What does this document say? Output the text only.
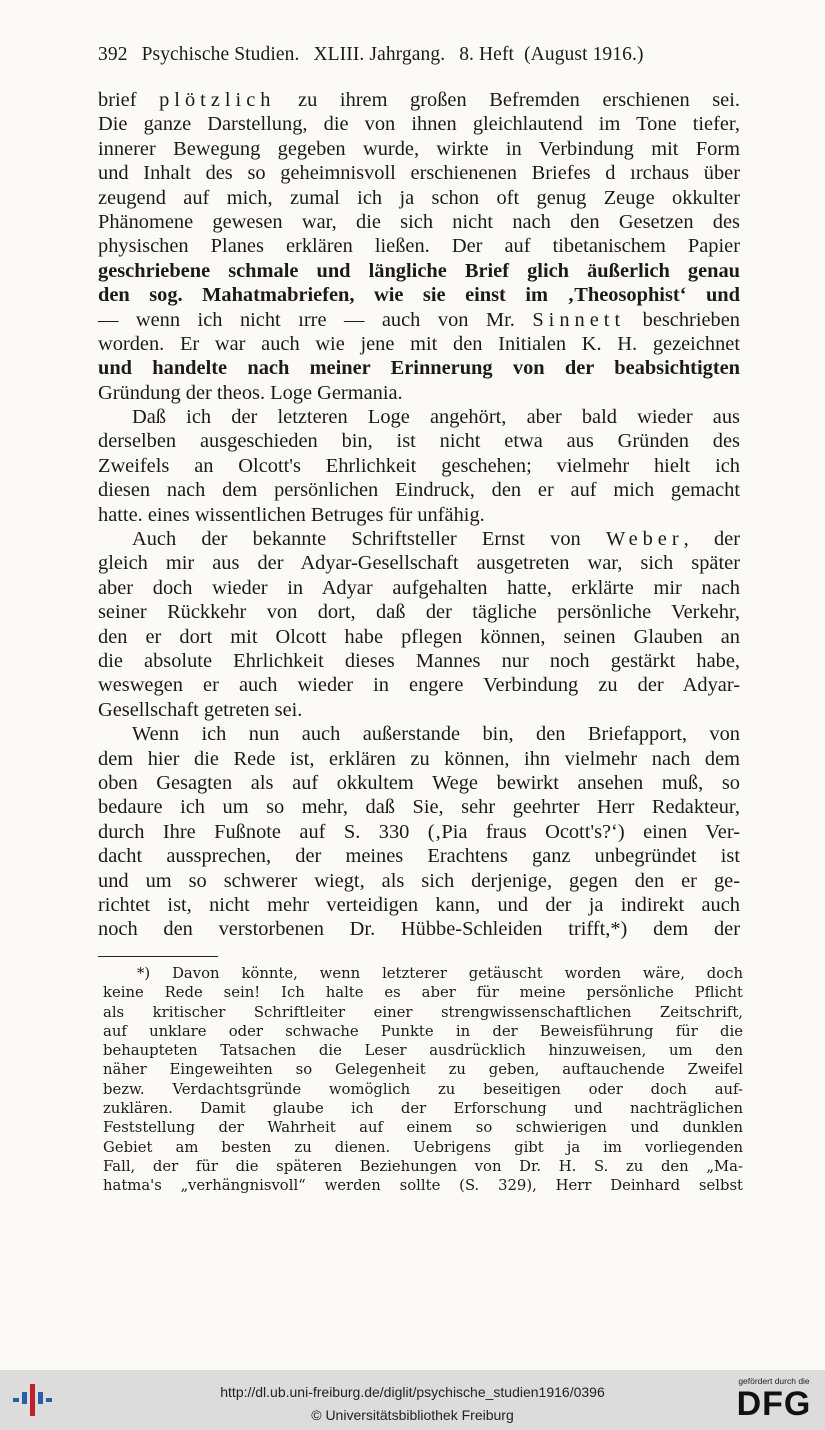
392 Psychische Studien. XLIII. Jahrgang. 8. Heft (August 1916.)
brief plötzlich zu ihrem großen Befremden erschienen sei.
Die ganze Darstellung, die von ihnen gleichlautend im Tone tiefer,
innerer Bewegung gegeben wurde, wirkte in Verbindung mit Form
und Inhalt des so geheimnisvoll erschienenen Briefes d ırchaus über
zeugend auf mich, zumal ich ja schon oft genug Zeuge okkulter
Phänomene gewesen war, die sich nicht nach den Gesetzen des
physischen Planes erklären ließen. Der auf tibetanischem Papier
geschriebene schmale und längliche Brief glich äußerlich genau
den sog. Mahatmabriefen, wie sie einst im ‚Theosophist‘ und
— wenn ich nicht ırre — auch von Mr. Sinnett beschrieben
worden. Er war auch wie jene mit den Initialen K. H. gezeichnet
und handelte nach meiner Erinnerung von der beabsichtigten
Gründung der theos. Loge Germania.
Daß ich der letzteren Loge angehört, aber bald wieder aus
derselben ausgeschieden bin, ist nicht etwa aus Gründen des
Zweifels an Olcott's Ehrlichkeit geschehen; vielmehr hielt ich
diesen nach dem persönlichen Eindruck, den er auf mich gemacht
hatte. eines wissentlichen Betruges für unfähig.
Auch der bekannte Schriftsteller Ernst von Weber, der
gleich mir aus der Adyar-Gesellschaft ausgetreten war, sich später
aber doch wieder in Adyar aufgehalten hatte, erklärte mir nach
seiner Rückkehr von dort, daß der tägliche persönliche Verkehr,
den er dort mit Olcott habe pflegen können, seinen Glauben an
die absolute Ehrlichkeit dieses Mannes nur noch gestärkt habe,
weswegen er auch wieder in engere Verbindung zu der Adyar-
Gesellschaft getreten sei.
Wenn ich nun auch außerstande bin, den Briefapport, von
dem hier die Rede ist, erklären zu können, ihn vielmehr nach dem
oben Gesagten als auf okkultem Wege bewirkt ansehen muß, so
bedaure ich um so mehr, daß Sie, sehr geehrter Herr Redakteur,
durch Ihre Fußnote auf S. 330 (‚Pia fraus Ocott's?‘) einen Ver-
dacht aussprechen, der meines Erachtens ganz unbegründet ist
und um so schwerer wiegt, als sich derjenige, gegen den er ge-
richtet ist, nicht mehr verteidigen kann, und der ja indirekt auch
noch den verstorbenen Dr. Hübbe-Schleiden trifft,*) dem der
*) Davon könnte, wenn letzterer getäuscht worden wäre, doch
keine Rede sein! Ich halte es aber für meine persönliche Pflicht
als kritischer Schriftleiter einer strengwissenschaftlichen Zeitschrift,
auf unklare oder schwache Punkte in der Beweisführung für die
behaupteten Tatsachen die Leser ausdrücklich hinzuweisen, um den
näher Eingeweihten so Gelegenheit zu geben, auftauchende Zweifel
bezw. Verdachtsgründe womöglich zu beseitigen oder doch auf-
zuklären. Damit glaube ich der Erforschung und nachträglichen
Feststellung der Wahrheit auf einem so schwierigen und dunklen
Gebiet am besten zu dienen. Uebrigens gibt ja im vorliegenden
Fall, der für die späteren Beziehungen von Dr. H. S. zu den „Ma-
hatma's „verhängnisvoll“ werden sollte (S. 329), Herr Deinhard selbst
http://dl.ub.uni-freiburg.de/diglit/psychische_studien1916/0396
© Universitätsbibliothek Freiburg
gefördert durch die
DFG
